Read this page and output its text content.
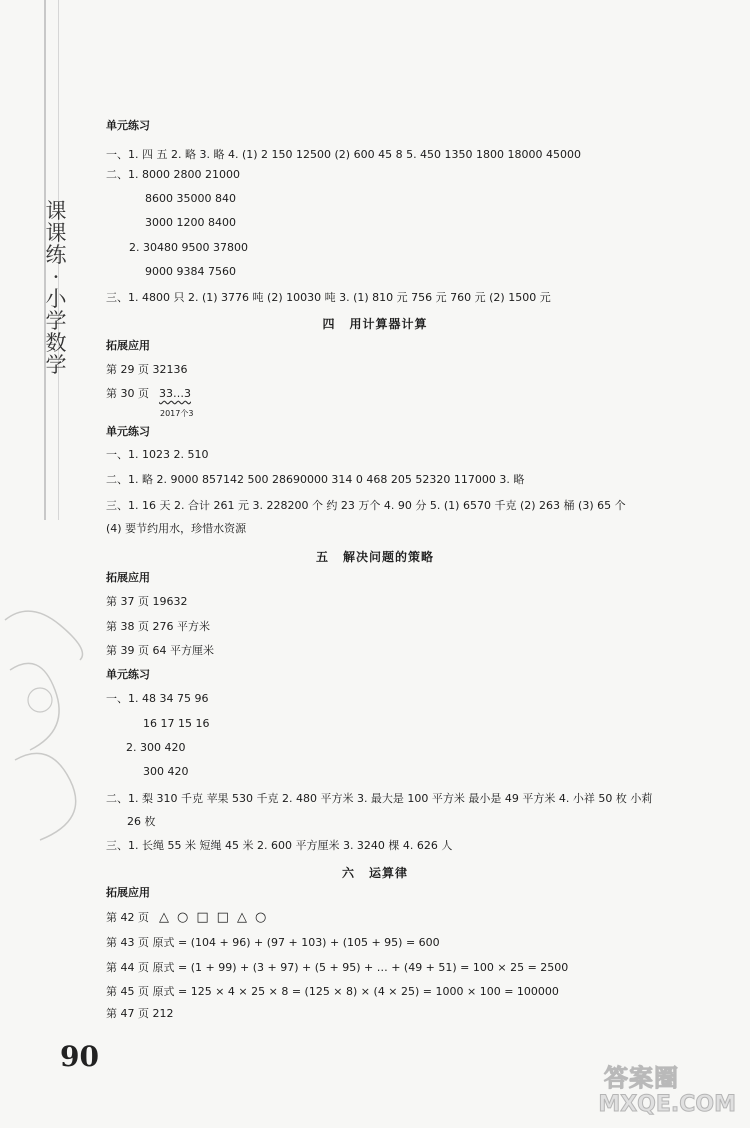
课
课
练
·
小
学
数
学
单元练习
一、1. 四 五 2. 略 3. 略 4. (1) 2 150 12500 (2) 600 45 8 5. 450 1350 1800 18000 45000
二、1. 8000 2800 21000
8600 35000 840
3000 1200 8400
2. 30480 9500 37800
9000 9384 7560
三、1. 4800 只 2. (1) 3776 吨 (2) 10030 吨 3. (1) 810 元 756 元 760 元 (2) 1500 元
四 用计算器计算
拓展应用
第 29 页 32136
第 30 页 33…3
2017个3
单元练习
一、1. 1023 2. 510
二、1. 略 2. 9000 857142 500 28690000 314 0 468 205 52320 117000 3. 略
三、1. 16 天 2. 合计 261 元 3. 228200 个 约 23 万个 4. 90 分 5. (1) 6570 千克 (2) 263 桶 (3) 65 个
(4) 要节约用水，珍惜水资源
五 解决问题的策略
拓展应用
第 37 页 19632
第 38 页 276 平方米
第 39 页 64 平方厘米
单元练习
一、1. 48 34 75 96
16 17 15 16
2. 300 420
300 420
二、1. 梨 310 千克 苹果 530 千克 2. 480 平方米 3. 最大是 100 平方米 最小是 49 平方米 4. 小祥 50 枚 小莉
26 枚
三、1. 长绳 55 米 短绳 45 米 2. 600 平方厘米 3. 3240 棵 4. 626 人
六 运算律
拓展应用
第 42 页 △ ○ □ □ △ ○
第 43 页 原式 = (104 + 96) + (97 + 103) + (105 + 95) = 600
第 44 页 原式 = (1 + 99) + (3 + 97) + (5 + 95) + … + (49 + 51) = 100 × 25 = 2500
第 45 页 原式 = 125 × 4 × 25 × 8 = (125 × 8) × (4 × 25) = 1000 × 100 = 100000
第 47 页 212
90
答案圈
MXQE.COM
